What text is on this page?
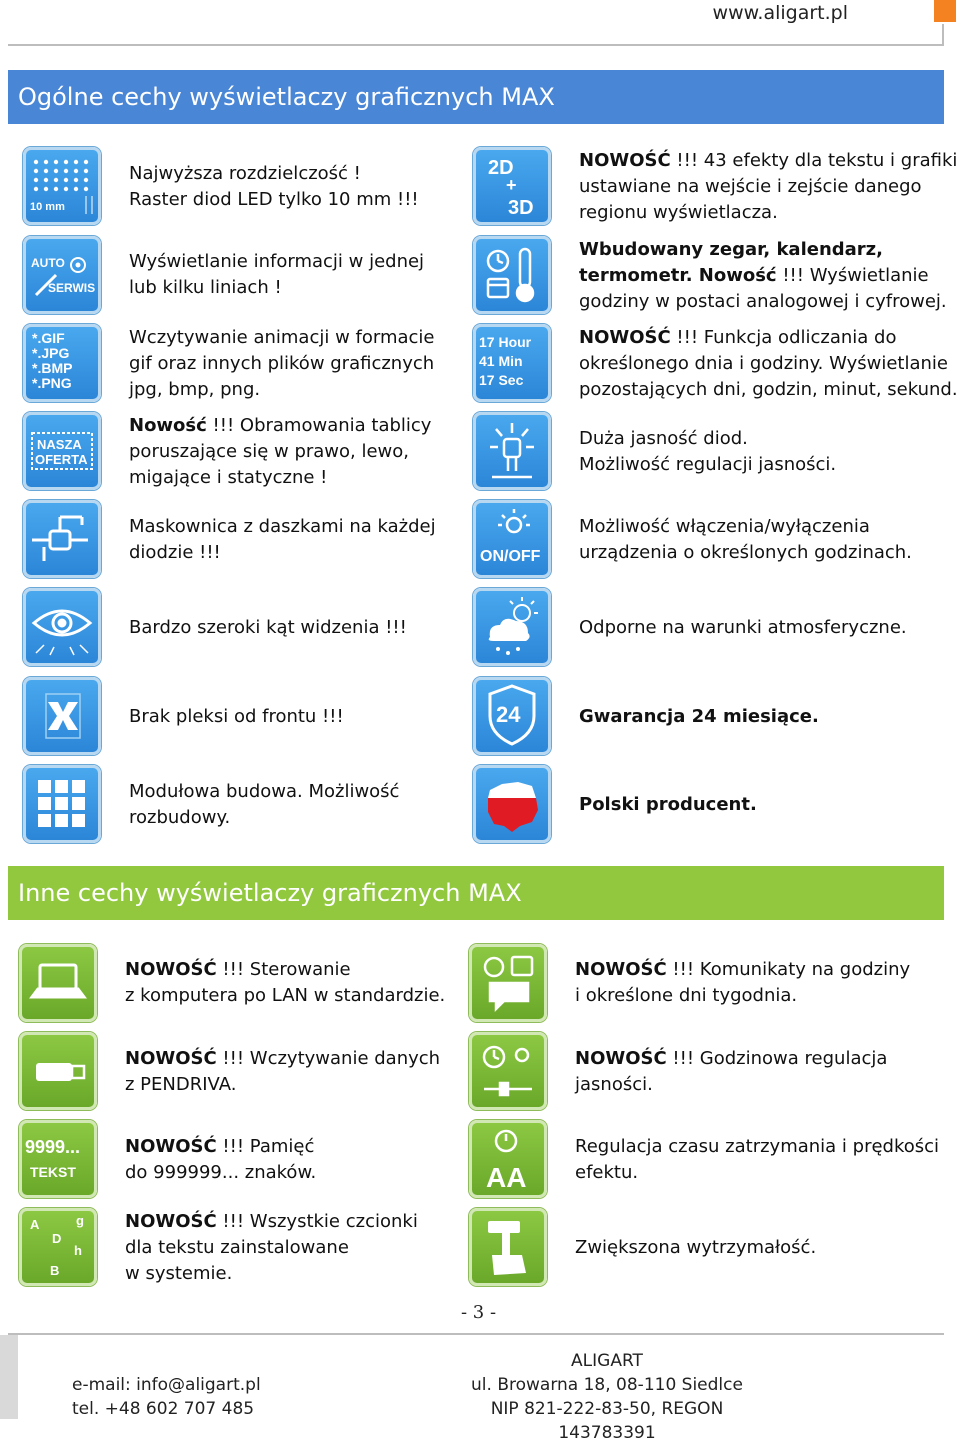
www.aligart.pl
Ogólne cechy wyświetlaczy graficznych MAX
10 mm
Najwyższa rozdzielczość !
Raster diod LED tylko 10 mm !!!
AUTO
SERWIS
Wyświetlanie informacji w jednej
lub kilku liniach !
*.GIF
*.JPG
*.BMP
*.PNG
Wczytywanie animacji w formacie
gif oraz innych plików graficznych
jpg, bmp, png.
NASZA
OFERTA
Nowość !!! Obramowania tablicy
poruszające się w prawo, lewo,
migające i statyczne !
Maskownica z daszkami na każdej
diodzie !!!
Bardzo szeroki kąt widzenia !!!
Brak pleksi od frontu !!!
Modułowa budowa. Możliwość
rozbudowy.
2D
+
3D
NOWOŚĆ !!! 43 efekty dla tekstu i grafiki
ustawiane na wejście i zejście danego
regionu wyświetlacza.
Wbudowany zegar, kalendarz,
termometr. Nowość !!! Wyświetlanie
godziny w postaci analogowej i cyfrowej.
17 Hour
41 Min
17 Sec
NOWOŚĆ !!! Funkcja odliczania do
określonego dnia i godziny. Wyświetlanie
pozostających dni, godzin, minut, sekund.
Duża jasność diod.
Możliwość regulacji jasności.
ON/OFF
Możliwość włączenia/wyłączenia
urządzenia o określonych godzinach.
Odporne na warunki atmosferyczne.
24	Gwarancja 24 miesiące.
Polski producent.
Inne cechy wyświetlaczy graficznych MAX
NOWOŚĆ !!! Sterowanie
z komputera po LAN w standardzie.
NOWOŚĆ !!! Wczytywanie danych
z PENDRIVA.
9999...
TEKST
NOWOŚĆ !!! Pamięć
do 999999... znaków.
A	g
D
h
B
NOWOŚĆ !!! Wszystkie czcionki
dla tekstu zainstalowane
w systemie.
NOWOŚĆ !!! Komunikaty na godziny
i określone dni tygodnia.
NOWOŚĆ !!! Godzinowa regulacja
jasności.
AA
Regulacja czasu zatrzymania i prędkości
efektu.
Zwiększona wytrzymałość.
- 3 -
e-mail: info@aligart.pl
tel. +48 602 707 485
ALIGART
ul. Browarna 18, 08-110 Siedlce
NIP 821-222-83-50, REGON 143783391
